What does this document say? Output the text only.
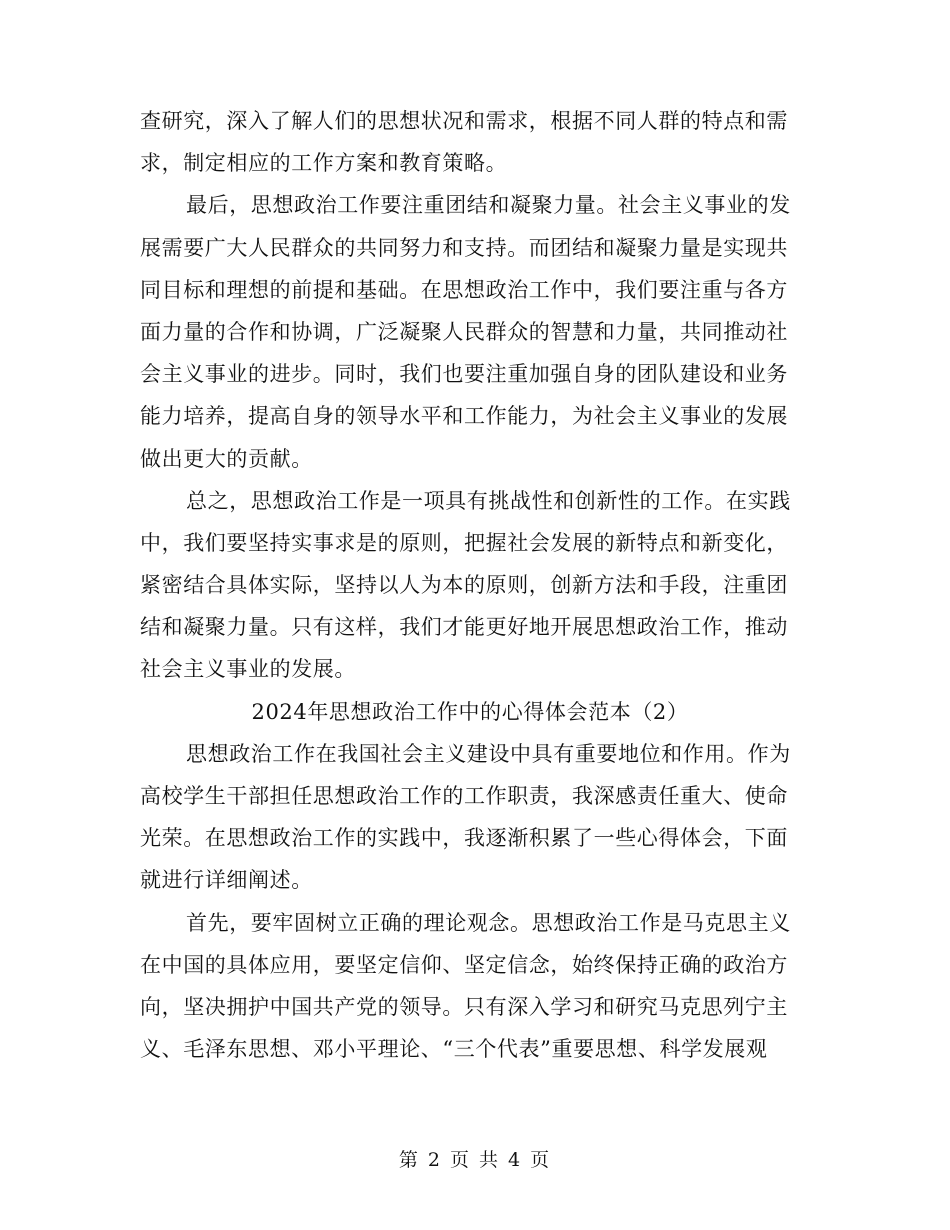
查研究，深入了解人们的思想状况和需求，根据不同人群的特点和需
求，制定相应的工作方案和教育策略。
最后，思想政治工作要注重团结和凝聚力量。社会主义事业的发
展需要广大人民群众的共同努力和支持。而团结和凝聚力量是实现共
同目标和理想的前提和基础。在思想政治工作中，我们要注重与各方
面力量的合作和协调，广泛凝聚人民群众的智慧和力量，共同推动社
会主义事业的进步。同时，我们也要注重加强自身的团队建设和业务
能力培养，提高自身的领导水平和工作能力，为社会主义事业的发展
做出更大的贡献。
总之，思想政治工作是一项具有挑战性和创新性的工作。在实践
中，我们要坚持实事求是的原则，把握社会发展的新特点和新变化，
紧密结合具体实际，坚持以人为本的原则，创新方法和手段，注重团
结和凝聚力量。只有这样，我们才能更好地开展思想政治工作，推动
社会主义事业的发展。
2024年思想政治工作中的心得体会范本（2）
思想政治工作在我国社会主义建设中具有重要地位和作用。作为
高校学生干部担任思想政治工作的工作职责，我深感责任重大、使命
光荣。在思想政治工作的实践中，我逐渐积累了一些心得体会，下面
就进行详细阐述。
首先，要牢固树立正确的理论观念。思想政治工作是马克思主义
在中国的具体应用，要坚定信仰、坚定信念，始终保持正确的政治方
向，坚决拥护中国共产党的领导。只有深入学习和研究马克思列宁主
义、毛泽东思想、邓小平理论、“三个代表”重要思想、科学发展观
第 2 页 共 4 页
